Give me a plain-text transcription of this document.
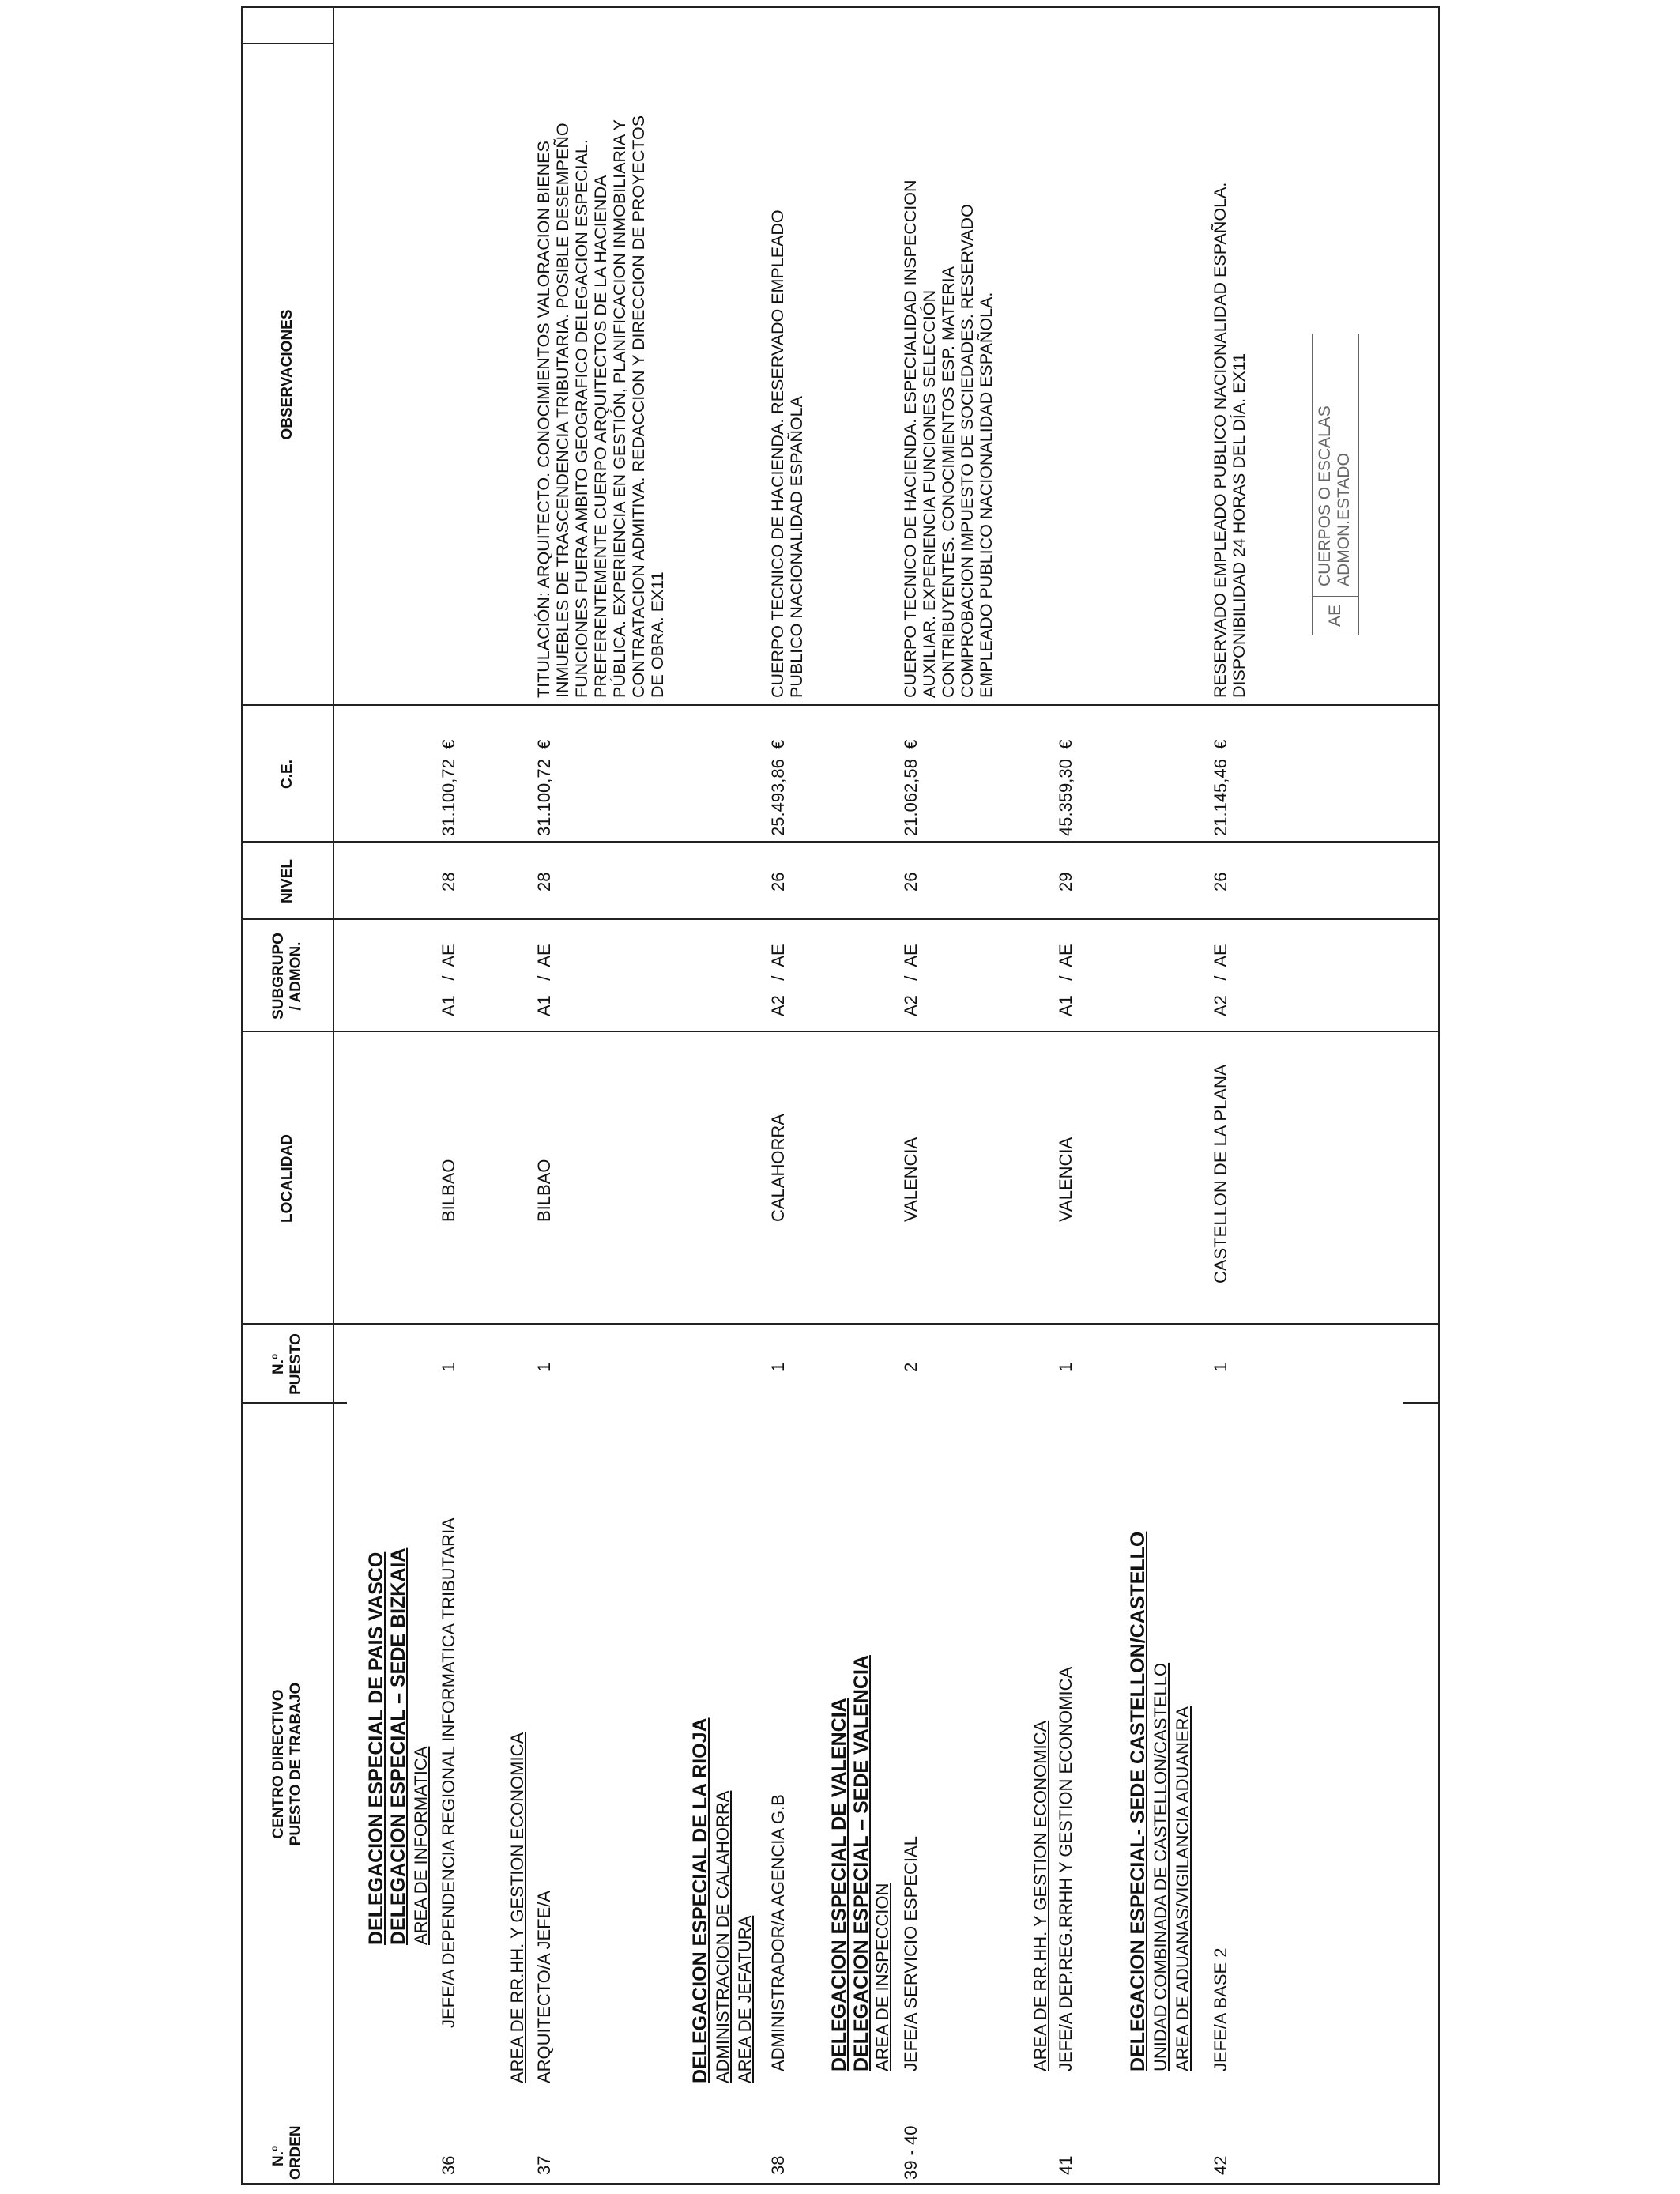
N.º ORDEN
CENTRO DIRECTIVO PUESTO DE TRABAJO
N.º PUESTO
LOCALIDAD
SUBGRUPO / ADMON.
NIVEL
C.E.
OBSERVACIONES
DELEGACION ESPECIAL DE PAIS VASCO DELEGACION ESPECIAL – SEDE BIZKAIA AREA DE INFORMATICA
36
JEFE/A DEPENDENCIA REGIONAL INFORMATICA TRIBUTARIA
1
BILBAO
A1   /  AE
28
31.100,72  €
AREA DE RR.HH. Y GESTION ECONOMICA
37
ARQUITECTO/A JEFE/A
1
BILBAO
A1   /  AE
28
31.100,72  €
TITULACIÓN: ARQUITECTO. CONOCIMIENTOS VALORACION BIENES INMUEBLES DE TRASCENDENCIA TRIBUTARIA. POSIBLE DESEMPEÑO FUNCIONES FUERA AMBITO GEOGRAFICO DELEGACION ESPECIAL. PREFERENTEMENTE CUERPO ARQUITECTOS DE LA HACIENDA PÚBLICA. EXPERIENCIA EN GESTIÓN, PLANIFICACION INMOBILIARIA Y CONTRATACION ADMITIVA. REDACCION Y DIRECCION DE PROYECTOS DE OBRA. EX11
DELEGACION ESPECIAL DE LA RIOJA ADMINISTRACION DE CALAHORRA AREA DE JEFATURA
38
ADMINISTRADOR/A AGENCIA G.B
1
CALAHORRA
A2   /  AE
26
25.493,86  €
CUERPO TECNICO DE HACIENDA. RESERVADO EMPLEADO PUBLICO NACIONALIDAD ESPAÑOLA
DELEGACION ESPECIAL DE VALENCIA DELEGACION ESPECIAL – SEDE VALENCIA AREA DE INSPECCION
39 - 40
JEFE/A SERVICIO ESPECIAL
2
VALENCIA
A2   /  AE
26
21.062,58  €
CUERPO TECNICO DE HACIENDA. ESPECIALIDAD INSPECCION AUXILIAR. EXPERIENCIA FUNCIONES SELECCIÓN CONTRIBUYENTES. CONOCIMIENTOS ESP. MATERIA COMPROBACION IMPUESTO DE SOCIEDADES. RESERVADO EMPLEADO PUBLICO NACIONALIDAD ESPAÑOLA.
AREA DE RR.HH. Y GESTION ECONOMICA
41
JEFE/A DEP.REG.RRHH Y GESTION ECONOMICA
1
VALENCIA
A1   /  AE
29
45.359,30  €
DELEGACION ESPECIAL- SEDE CASTELLON/CASTELLO UNIDAD COMBINADA DE CASTELLON/CASTELLO AREA DE ADUANAS/VIGILANCIA ADUANERA
42
JEFE/A BASE 2
1
CASTELLON DE LA PLANA
A2   /  AE
26
21.145,46  €
RESERVADO EMPLEADO PUBLICO NACIONALIDAD ESPAÑOLA. DISPONIBILIDAD 24 HORAS DEL DÍA. EX11	AE
CUERPOS O ESCALAS ADMON.ESTADO
